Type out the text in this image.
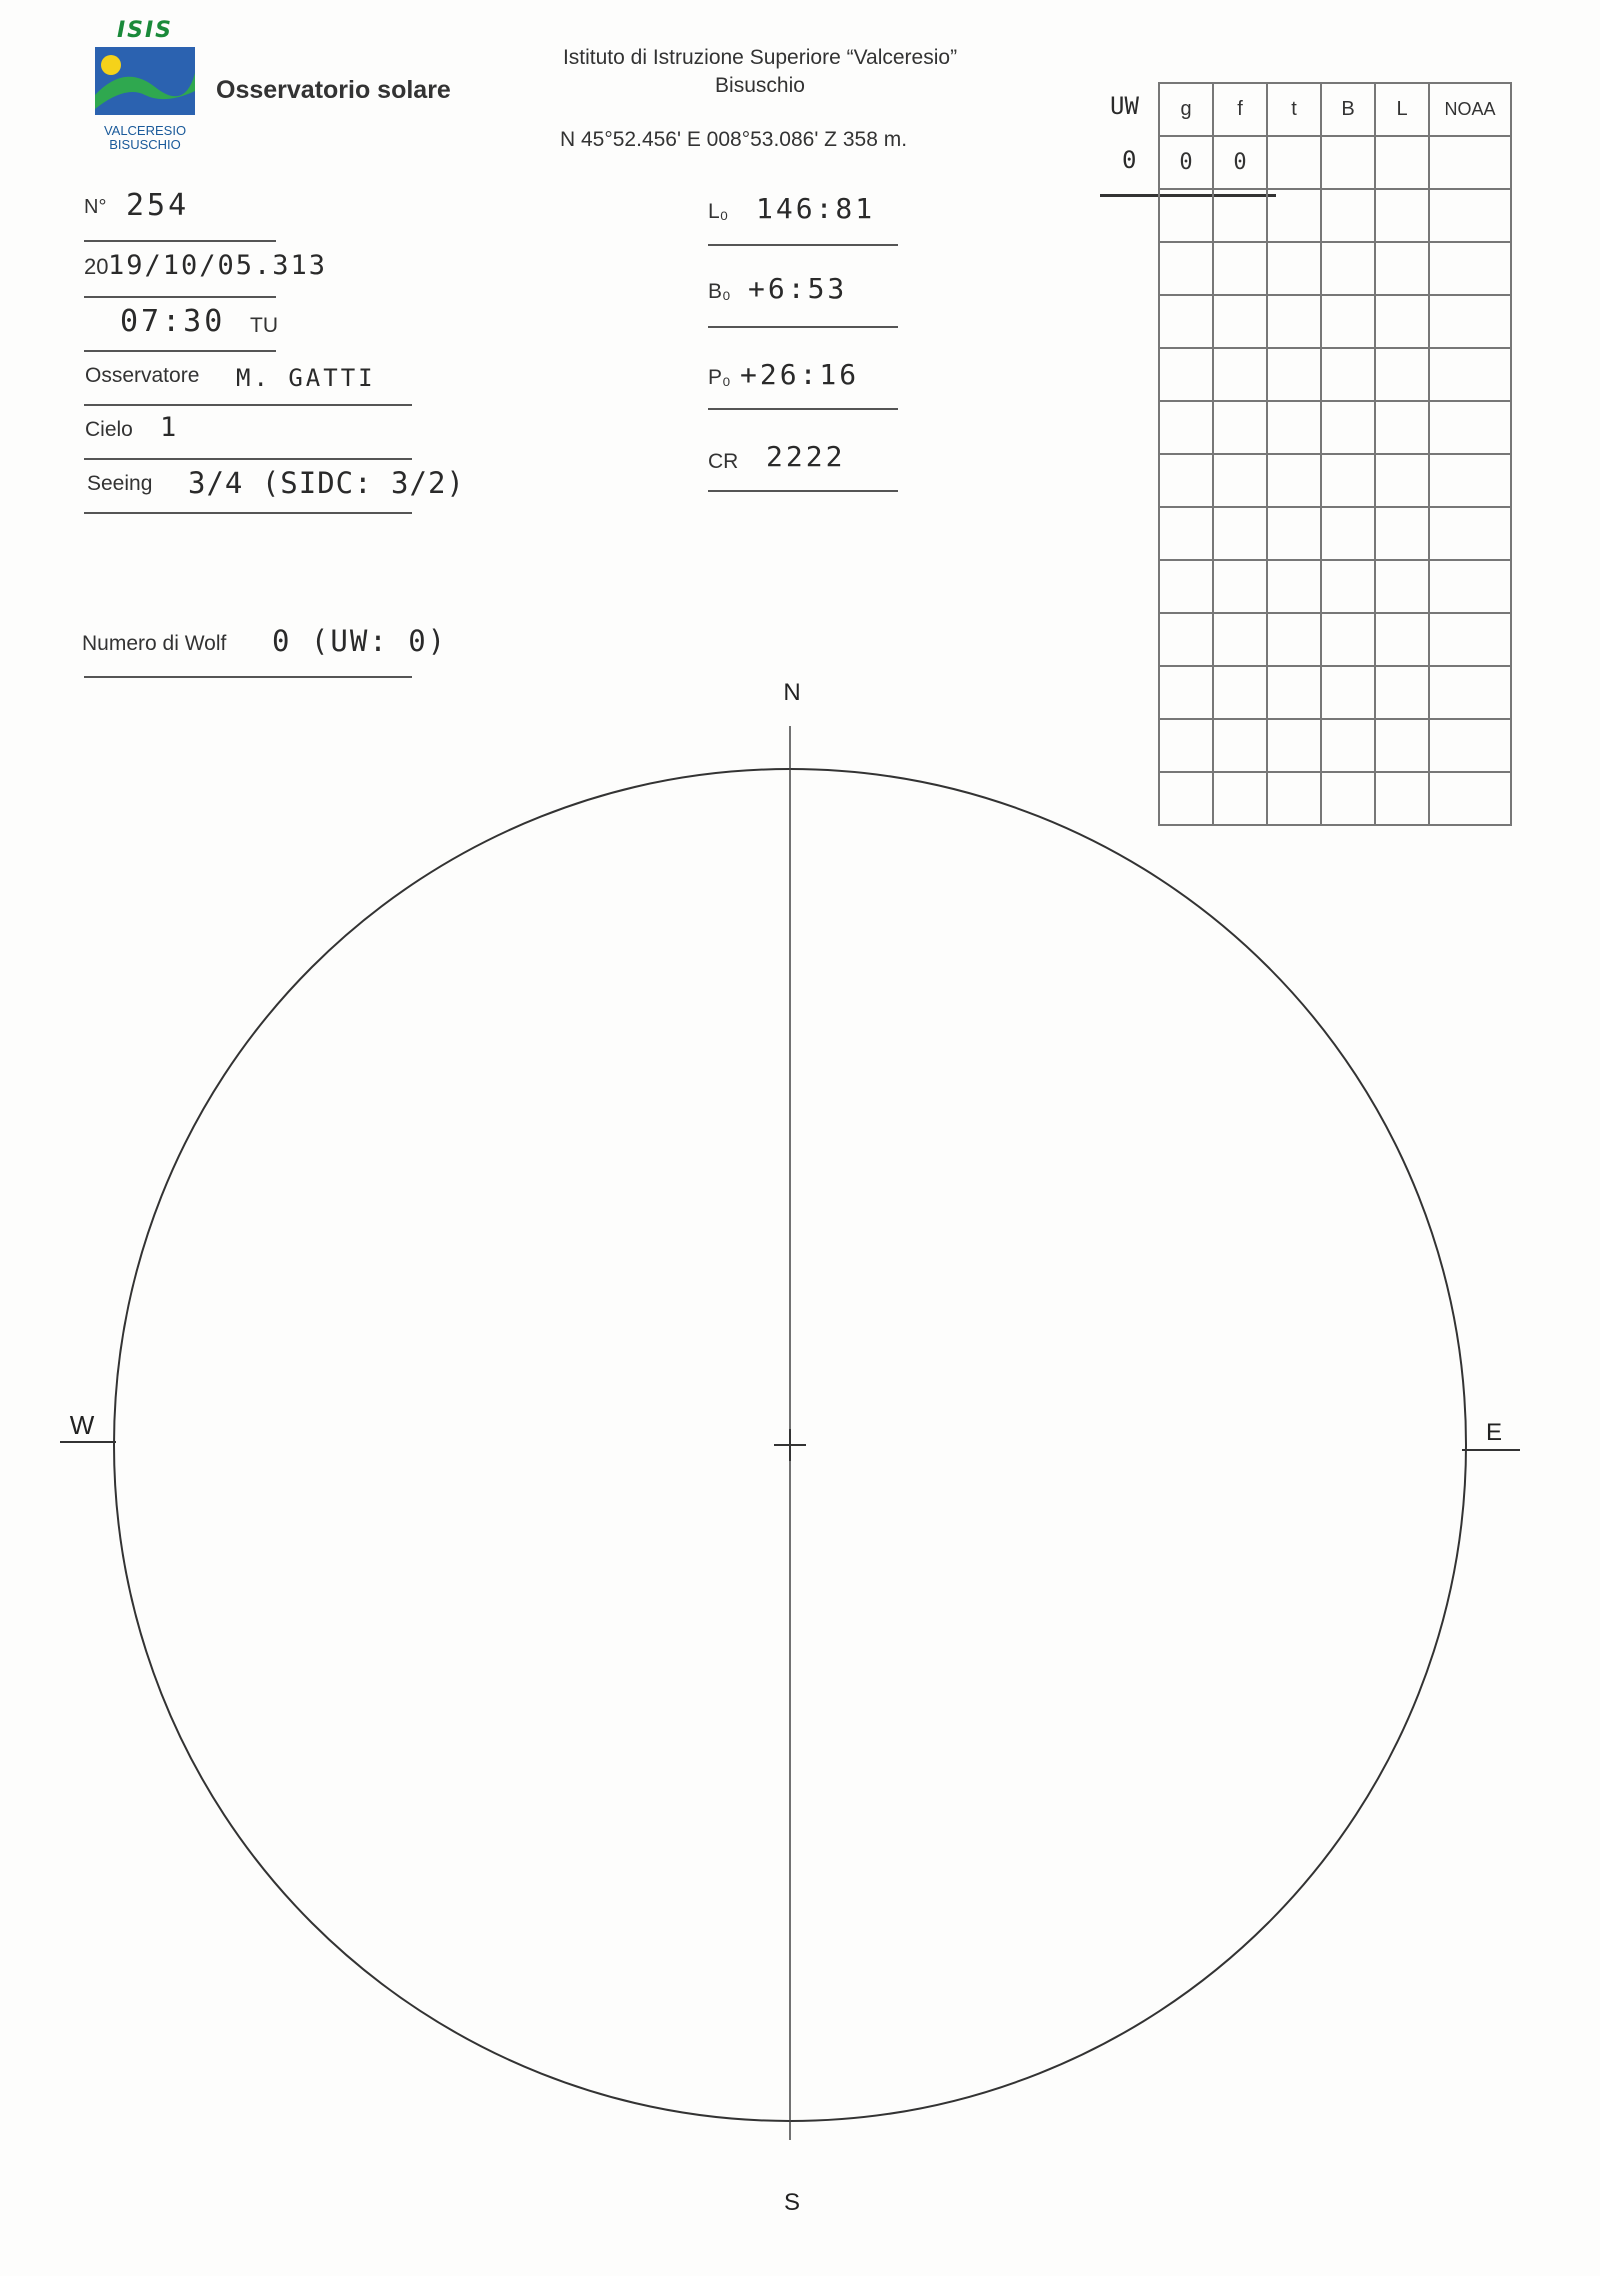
ISIS
VALCERESIO
BISUSCHIO
Osservatorio solare
Istituto di Istruzione Superiore “Valceresio”
Bisuschio
N 45°52.456' E 008°53.086' Z 358 m.
N° 254
20 19/10/05.313
07:30 TU
Osservatore M. GATTI
Cielo 1
Seeing 3/4 (SIDC: 3/2)
Numero di Wolf 0 (UW: 0)
L₀ 146:81
B₀ +6:53
P₀ +26:16
CR 2222
UW
0
	g	f	t	B	L	NOAA
	0	0				

N
S
E
W
